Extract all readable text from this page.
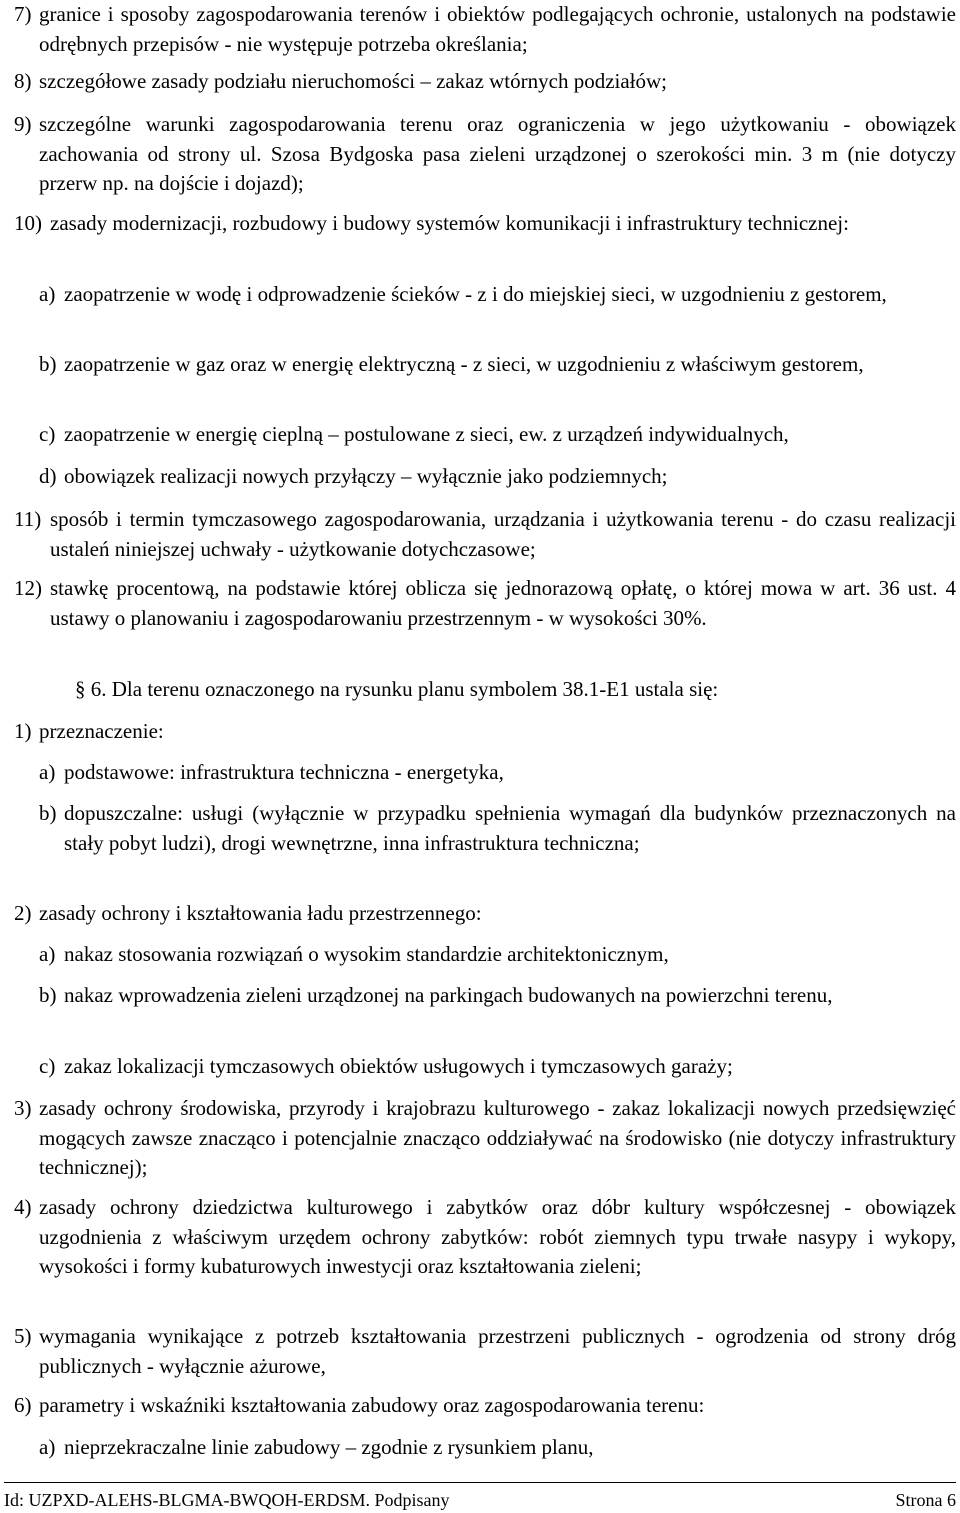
7) granice i sposoby zagospodarowania terenów i obiektów podlegających ochronie, ustalonych na podstawie odrębnych przepisów - nie występuje potrzeba określania;
8) szczegółowe zasady podziału nieruchomości – zakaz wtórnych podziałów;
9) szczególne warunki zagospodarowania terenu oraz ograniczenia w jego użytkowaniu - obowiązek zachowania od strony ul. Szosa Bydgoska pasa zieleni urządzonej o szerokości min. 3 m (nie dotyczy przerw np. na dojście i dojazd);
10) zasady modernizacji, rozbudowy i budowy systemów komunikacji i infrastruktury technicznej:
a) zaopatrzenie w wodę i odprowadzenie ścieków - z i do miejskiej sieci, w uzgodnieniu z gestorem,
b) zaopatrzenie w gaz oraz w energię elektryczną - z sieci, w uzgodnieniu z właściwym gestorem,
c) zaopatrzenie w energię cieplną – postulowane z sieci, ew. z urządzeń indywidualnych,
d) obowiązek realizacji nowych przyłączy – wyłącznie jako podziemnych;
11) sposób i termin tymczasowego zagospodarowania, urządzania i użytkowania terenu - do czasu realizacji ustaleń niniejszej uchwały - użytkowanie dotychczasowe;
12) stawkę procentową, na podstawie której oblicza się jednorazową opłatę, o której mowa w art. 36 ust. 4 ustawy o planowaniu i zagospodarowaniu przestrzennym - w wysokości 30%.
§ 6. Dla terenu oznaczonego na rysunku planu symbolem 38.1-E1 ustala się:
1) przeznaczenie:
a) podstawowe: infrastruktura techniczna - energetyka,
b) dopuszczalne: usługi (wyłącznie w przypadku spełnienia wymagań dla budynków przeznaczonych na stały pobyt ludzi), drogi wewnętrzne, inna infrastruktura techniczna;
2) zasady ochrony i kształtowania ładu przestrzennego:
a) nakaz stosowania rozwiązań o wysokim standardzie architektonicznym,
b) nakaz wprowadzenia zieleni urządzonej na parkingach budowanych na powierzchni terenu,
c) zakaz lokalizacji tymczasowych obiektów usługowych i tymczasowych garaży;
3) zasady ochrony środowiska, przyrody i krajobrazu kulturowego - zakaz lokalizacji nowych przedsięwzięć mogących zawsze znacząco i potencjalnie znacząco oddziaływać na środowisko (nie dotyczy infrastruktury technicznej);
4) zasady ochrony dziedzictwa kulturowego i zabytków oraz dóbr kultury współczesnej - obowiązek uzgodnienia z właściwym urzędem ochrony zabytków: robót ziemnych typu trwałe nasypy i wykopy, wysokości i formy kubaturowych inwestycji oraz kształtowania zieleni;
5) wymagania wynikające z potrzeb kształtowania przestrzeni publicznych - ogrodzenia od strony dróg publicznych - wyłącznie ażurowe,
6) parametry i wskaźniki kształtowania zabudowy oraz zagospodarowania terenu:
a) nieprzekraczalne linie zabudowy – zgodnie z rysunkiem planu,
Id: UZPXD-ALEHS-BLGMA-BWQOH-ERDSM. Podpisany	Strona 6
